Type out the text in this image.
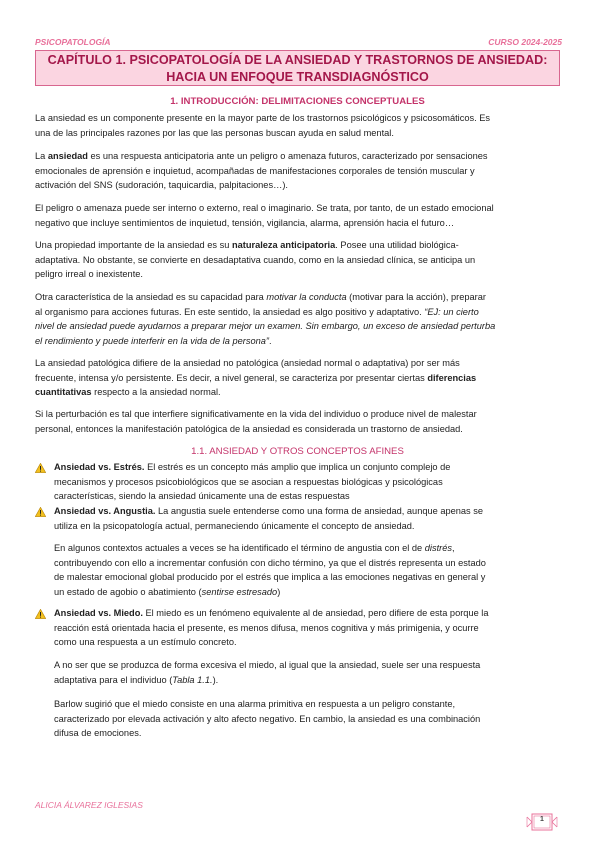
PSICOPATOLOGÍA	CURSO 2024-2025
CAPÍTULO 1. PSICOPATOLOGÍA DE LA ANSIEDAD Y TRASTORNOS DE ANSIEDAD:
HACIA UN ENFOQUE TRANSDIAGNÓSTICO
1. INTRODUCCIÓN: DELIMITACIONES CONCEPTUALES

La ansiedad es un componente presente en la mayor parte de los trastornos psicológicos y psicosomáticos. Es

una de las principales razones por las que las personas buscan ayuda en salud mental.

La ansiedad es una respuesta anticipatoria ante un peligro o amenaza futuros, caracterizado por sensaciones

emocionales de aprensión e inquietud, acompañadas de manifestaciones corporales de tensión muscular y

activación del SNS (sudoración, taquicardia, palpitaciones…).

El peligro o amenaza puede ser interno o externo, real o imaginario. Se trata, por tanto, de un estado emocional

negativo que incluye sentimientos de inquietud, tensión, vigilancia, alarma, aprensión hacia el futuro…

Una propiedad importante de la ansiedad es su naturaleza anticipatoria. Posee una utilidad biológica-

adaptativa. No obstante, se convierte en desadaptativa cuando, como en la ansiedad clínica, se anticipa un

peligro irreal o inexistente.

Otra característica de la ansiedad es su capacidad para motivar la conducta (motivar para la acción), preparar

al organismo para acciones futuras. En este sentido, la ansiedad es algo positivo y adaptativo. “EJ: un cierto

nivel de ansiedad puede ayudarnos a preparar mejor un examen. Sin embargo, un exceso de ansiedad perturba

el rendimiento y puede interferir en la vida de la persona”.

La ansiedad patológica difiere de la ansiedad no patológica (ansiedad normal o adaptativa) por ser más

frecuente, intensa y/o persistente. Es decir, a nivel general, se caracteriza por presentar ciertas diferencias

cuantitativas respecto a la ansiedad normal.

Si la perturbación es tal que interfiere significativamente en la vida del individuo o produce nivel de malestar

personal, entonces la manifestación patológica de la ansiedad es considerada un trastorno de ansiedad.

1.1. ANSIEDAD Y OTROS CONCEPTOS AFINES
Ansiedad vs. Estrés. El estrés es un concepto más amplio que implica un conjunto complejo de
mecanismos y procesos psicobiológicos que se asocian a respuestas biológicas y psicológicas
características, siendo la ansiedad únicamente una de estas respuestas
Ansiedad vs. Angustia. La angustia suele entenderse como una forma de ansiedad, aunque apenas se
utiliza en la psicopatología actual, permaneciendo únicamente el concepto de ansiedad.
En algunos contextos actuales a veces se ha identificado el término de angustia con el de distrés,
contribuyendo con ello a incrementar confusión con dicho término, ya que el distrés representa un estado
de malestar emocional global producido por el estrés que implica a las emociones negativas en general y
un estado de agobio o abatimiento (sentirse estresado)
Ansiedad vs. Miedo. El miedo es un fenómeno equivalente al de ansiedad, pero difiere de esta porque la
reacción está orientada hacia el presente, es menos difusa, menos cognitiva y más primigenia, y ocurre
como una respuesta a un estímulo concreto.
A no ser que se produzca de forma excesiva el miedo, al igual que la ansiedad, suele ser una respuesta
adaptativa para el individuo (Tabla 1.1.).
Barlow sugirió que el miedo consiste en una alarma primitiva en respuesta a un peligro constante,
caracterizado por elevada activación y alto afecto negativo. En cambio, la ansiedad es una combinación
difusa de emociones.
ALICIA ÁLVAREZ IGLESIAS
1
